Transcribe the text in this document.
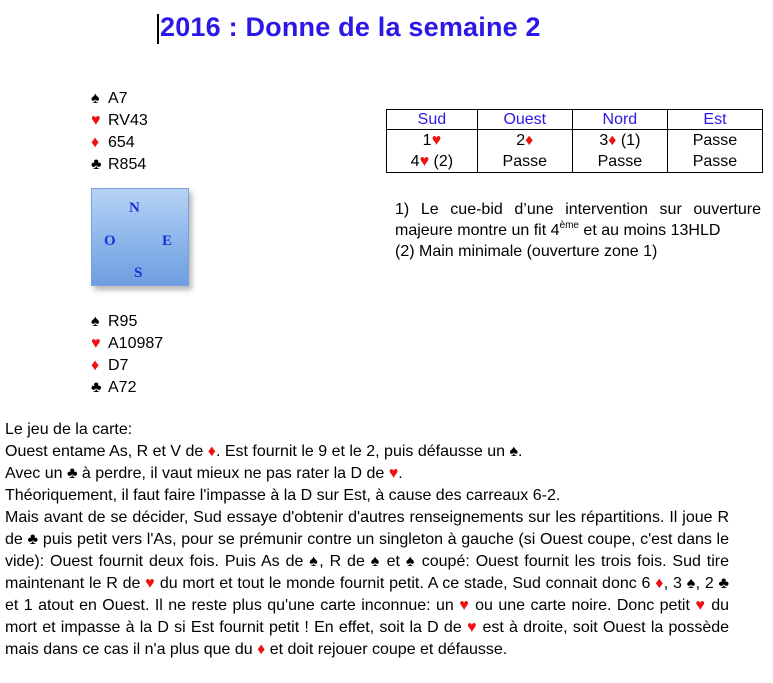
2016 : Donne de la semaine 2
♠ A7
♥ RV43
♦ 654
♣ R854
N
O	E
S
♠ R95
♥ A10987
♦ D7
♣ A72
Sud	Ouest	Nord	Est
1♥	2♦	3♦ (1)	Passe
4♥ (2)	Passe	Passe	Passe

1) Le cue-bid d’une intervention sur ouverture majeure montre un fit 4ème et au moins 13HLD

(2) Main minimale (ouverture zone 1)

Le jeu de la carte:

Ouest entame As, R et V de ♦. Est fournit le 9 et le 2, puis défausse un ♠.

Avec un ♣ à perdre, il vaut mieux ne pas rater la D de ♥.

Théoriquement, il faut faire l'impasse à la D sur Est, à cause des carreaux 6-2.

Mais avant de se décider, Sud essaye d'obtenir d'autres renseignements sur les répartitions. Il joue R de ♣ puis petit vers l'As, pour se prémunir contre un singleton à gauche (si Ouest coupe, c'est dans le vide): Ouest fournit deux fois. Puis As de ♠, R de ♠ et ♠ coupé: Ouest fournit les trois fois. Sud tire maintenant le R de ♥ du mort et tout le monde fournit petit. A ce stade, Sud connait donc 6 ♦, 3 ♠, 2 ♣ et 1 atout en Ouest. Il ne reste plus qu'une carte inconnue: un ♥ ou une carte noire. Donc petit ♥ du mort et impasse à la D si Est fournit petit ! En effet, soit la D de ♥ est à droite, soit Ouest la possède mais dans ce cas il n'a plus que du ♦ et doit rejouer coupe et défausse.
